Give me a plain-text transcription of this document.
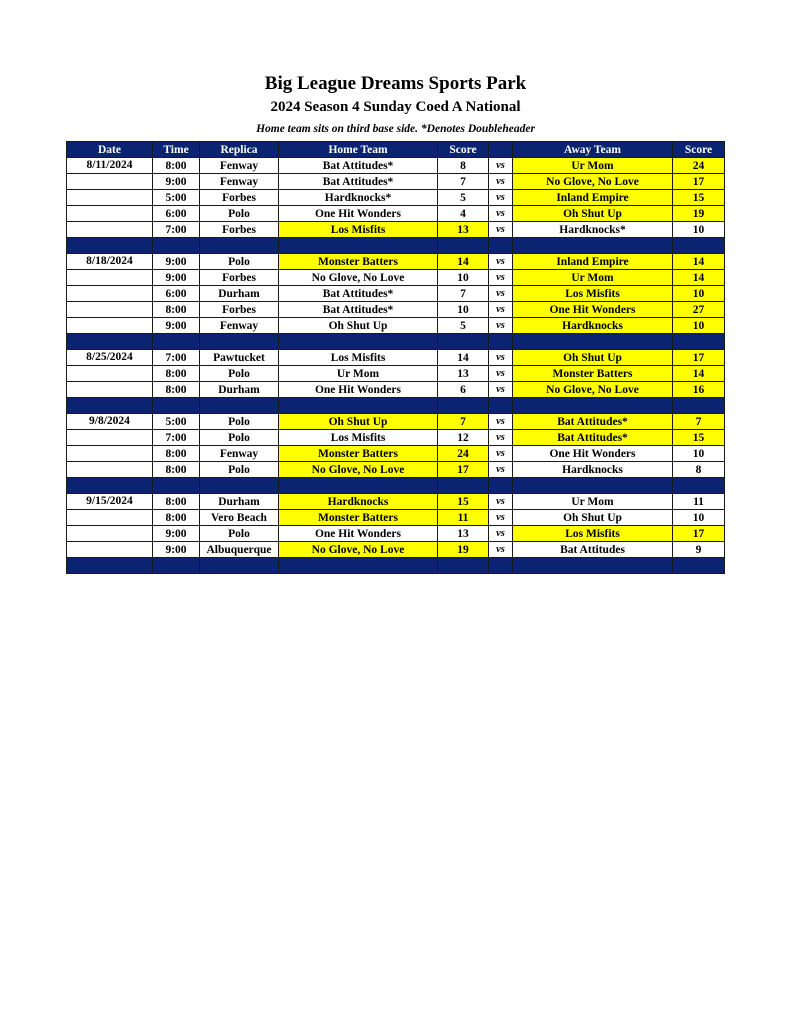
Big League Dreams Sports Park
2024 Season 4 Sunday Coed A National
Home team sits on third base side. *Denotes Doubleheader
Date	Time	Replica	Home Team	Score		Away Team	Score
8/11/2024	8:00	Fenway	Bat Attitudes*	8	vs	Ur Mom	24
	9:00	Fenway	Bat Attitudes*	7	vs	No Glove, No Love	17
	5:00	Forbes	Hardknocks*	5	vs	Inland Empire	15
	6:00	Polo	One Hit Wonders	4	vs	Oh Shut Up	19
	7:00	Forbes	Los Misfits	13	vs	Hardknocks*	10

8/18/2024	9:00	Polo	Monster Batters	14	vs	Inland Empire	14
	9:00	Forbes	No Glove, No Love	10	vs	Ur Mom	14
	6:00	Durham	Bat Attitudes*	7	vs	Los Misfits	10
	8:00	Forbes	Bat Attitudes*	10	vs	One Hit Wonders	27
	9:00	Fenway	Oh Shut Up	5	vs	Hardknocks	10

8/25/2024	7:00	Pawtucket	Los Misfits	14	vs	Oh Shut Up	17
	8:00	Polo	Ur Mom	13	vs	Monster Batters	14
	8:00	Durham	One Hit Wonders	6	vs	No Glove, No Love	16

9/8/2024	5:00	Polo	Oh Shut Up	7	vs	Bat Attitudes*	7
	7:00	Polo	Los Misfits	12	vs	Bat Attitudes*	15
	8:00	Fenway	Monster Batters	24	vs	One Hit Wonders	10
	8:00	Polo	No Glove, No Love	17	vs	Hardknocks	8

9/15/2024	8:00	Durham	Hardknocks	15	vs	Ur Mom	11
	8:00	Vero Beach	Monster Batters	11	vs	Oh Shut Up	10
	9:00	Polo	One Hit Wonders	13	vs	Los Misfits	17
	9:00	Albuquerque	No Glove, No Love	19	vs	Bat Attitudes	9
